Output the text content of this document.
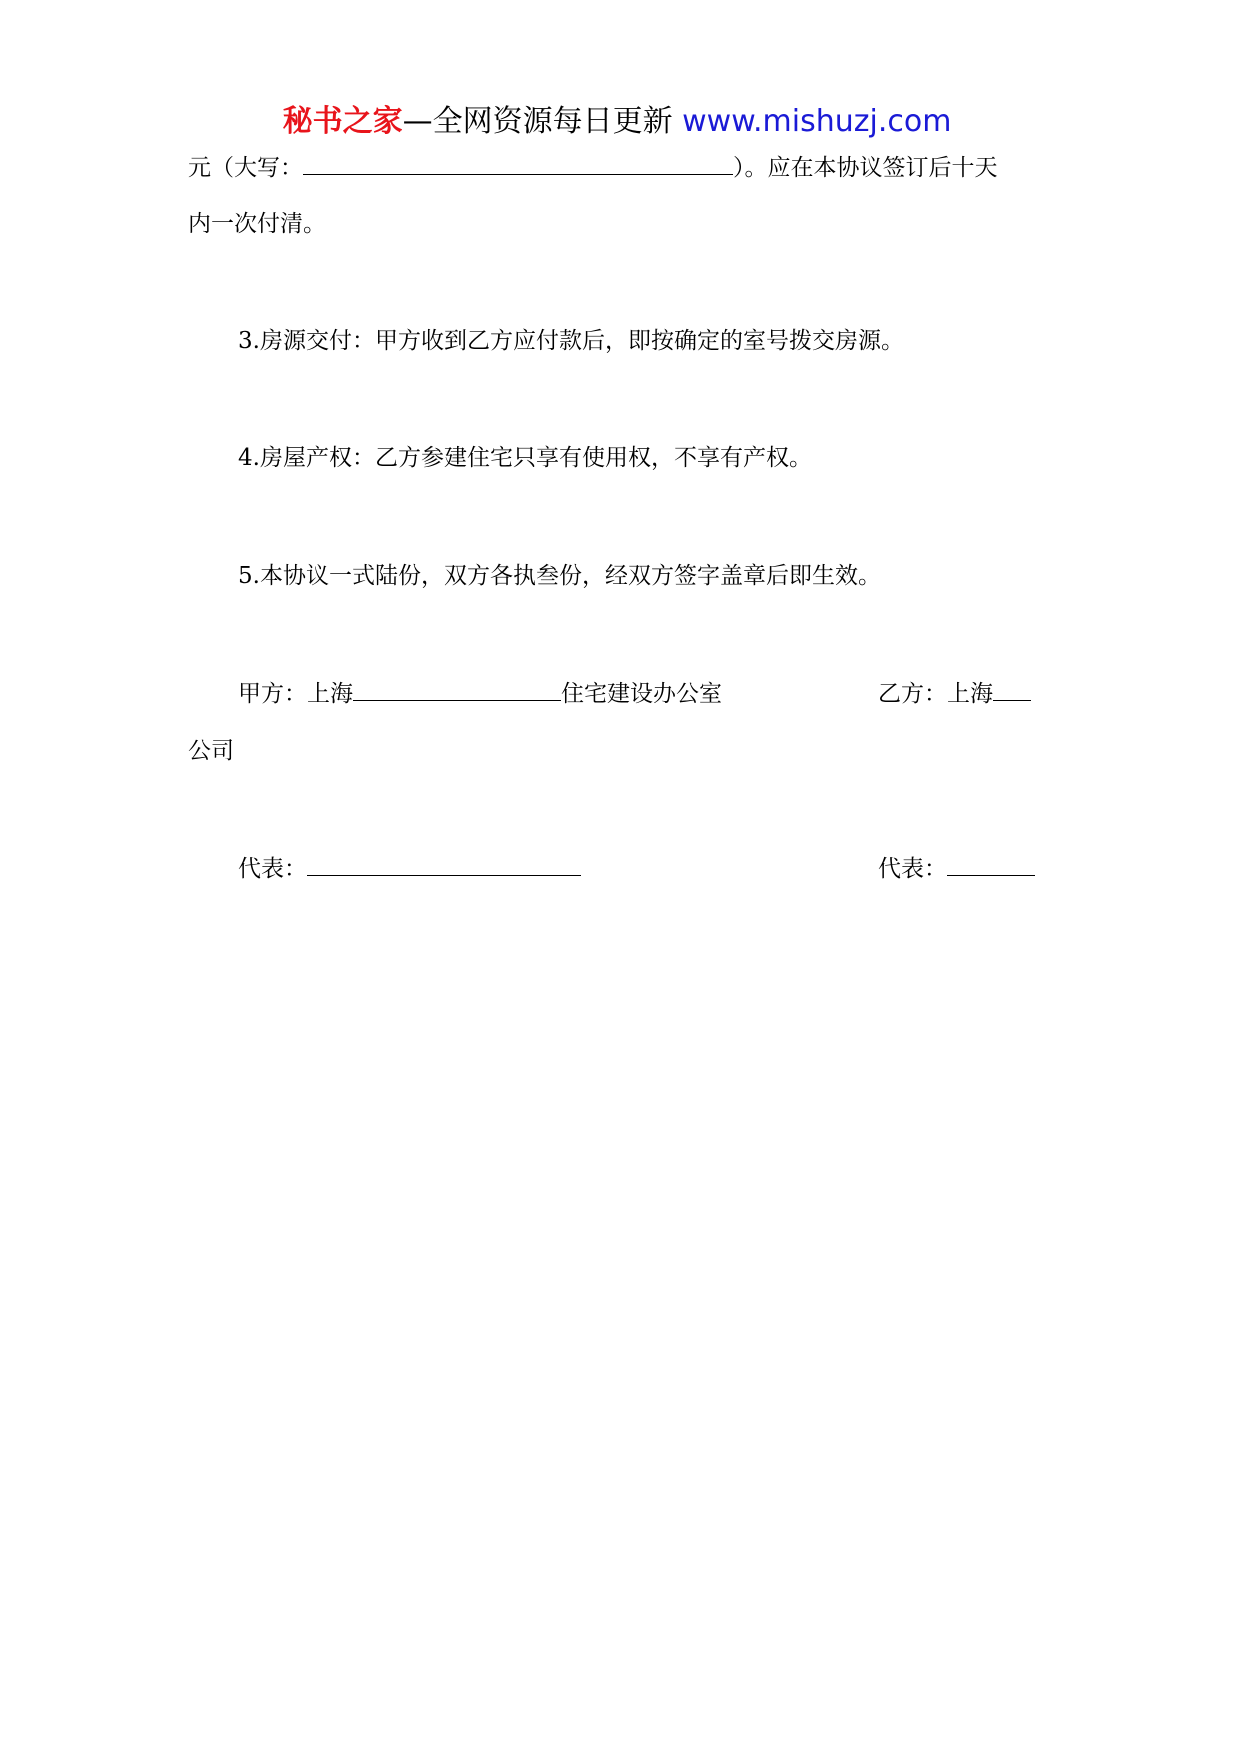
秘书之家—全网资源每日更新 www.mishuzj.com
元（大写：	）。应在本协议签订后十天
内一次付清。
3.房源交付：甲方收到乙方应付款后，即按确定的室号拨交房源。
4.房屋产权：乙方参建住宅只享有使用权，不享有产权。
5.本协议一式陆份，双方各执叁份，经双方签字盖章后即生效。
甲方：上海	住宅建设办公室	乙方：上海
公司
代表：	代表：
